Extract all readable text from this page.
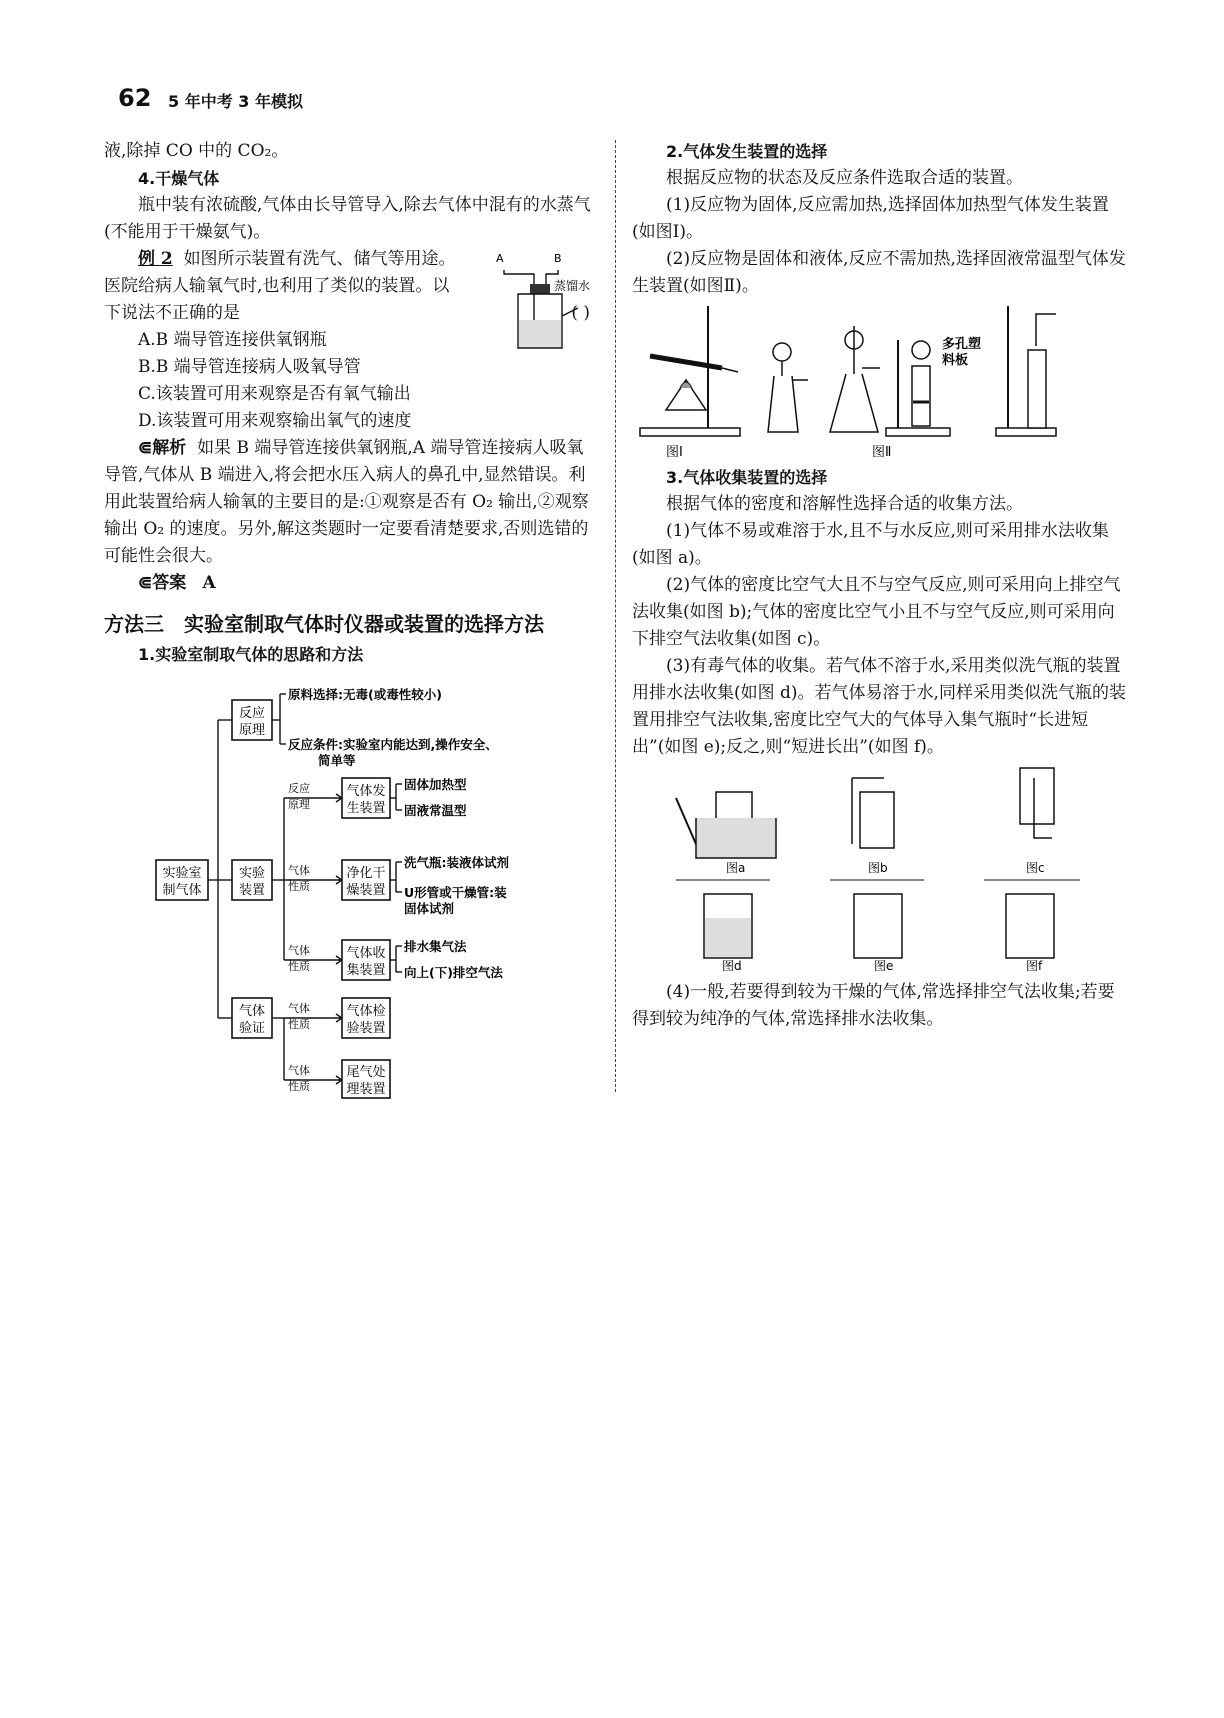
62 5 年中考 3 年模拟

液,除掉 CO 中的 CO₂。

4.干燥气体

瓶中装有浓硫酸,气体由长导管导入,除去气体中混有的水蒸气(不能用于干燥氨气)。

例 2 如图所示装置有洗气、储气等用途。
医院给病人输氧气时,也利用了类似的装置。以
下说法不正确的是	( )

A.B 端导管连接供氧钢瓶

B.B 端导管连接病人吸氧导管

C.该装置可用来观察是否有氧气输出

D.该装置可用来观察输出氧气的速度

⋐解析 如果 B 端导管连接供氧钢瓶,A 端导管连接病人吸氧导管,气体从 B 端进入,将会把水压入病人的鼻孔中,显然错误。利用此装置给病人输氧的主要目的是:①观察是否有 O₂ 输出,②观察输出 O₂ 的速度。另外,解这类题时一定要看清楚要求,否则选错的可能性会很大。

⋐答案 A

方法三　实验室制取气体时仪器或装置的选择方法

1.实验室制取气体的思路和方法

A	B
蒸馏水
实验室
制气体
反应
原理
原料选择:无毒(或毒性较小)
反应条件:实验室内能达到,操作安全、
简单等
实验
装置
气体
验证
反应
原理
气体发
生装置
固体加热型
固液常温型
气体
性质
净化干
燥装置
洗气瓶:装液体试剂
U形管或干燥管:装
固体试剂
气体
性质
气体收
集装置
排水集气法
向上(下)排空气法
气体
性质
气体检
验装置
气体
性质
尾气处
理装置

2.气体发生装置的选择

根据反应物的状态及反应条件选取合适的装置。

(1)反应物为固体,反应需加热,选择固体加热型气体发生装置(如图Ⅰ)。

(2)反应物是固体和液体,反应不需加热,选择固液常温型气体发生装置(如图Ⅱ)。

3.气体收集装置的选择

根据气体的密度和溶解性选择合适的收集方法。

(1)气体不易或难溶于水,且不与水反应,则可采用排水法收集(如图 a)。

(2)气体的密度比空气大且不与空气反应,则可采用向上排空气法收集(如图 b);气体的密度比空气小且不与空气反应,则可采用向下排空气法收集(如图 c)。

(3)有毒气体的收集。若气体不溶于水,采用类似洗气瓶的装置用排水法收集(如图 d)。若气体易溶于水,同样采用类似洗气瓶的装置用排空气法收集,密度比空气大的气体导入集气瓶时“长进短出”(如图 e);反之,则“短进长出”(如图 f)。

(4)一般,若要得到较为干燥的气体,常选择排空气法收集;若要得到较为纯净的气体,常选择排水法收集。

多孔塑
料板
图Ⅰ	图Ⅱ
图a	图b	图c
图d	图e	图f
